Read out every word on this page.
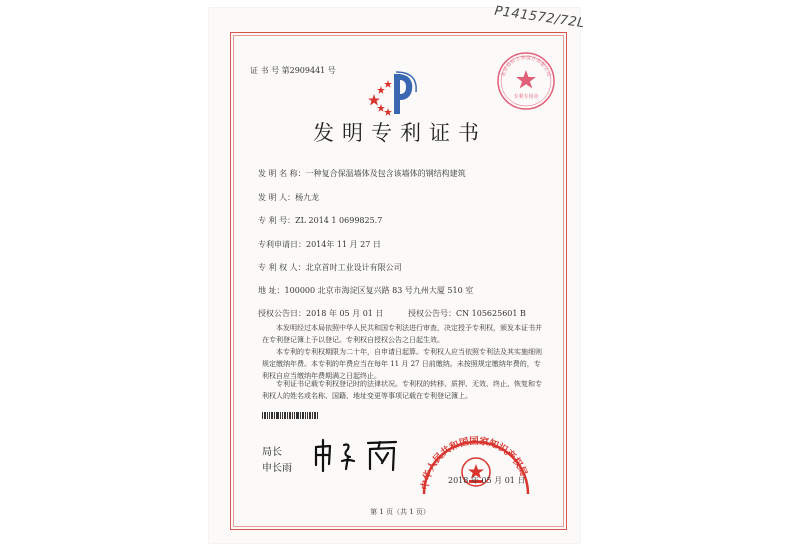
P141572/72L
证 书 号 第2909441 号
专利专用章
北京首时工业设计有限公司
发明专利证书
发 明 名 称：一种复合保温墙体及包含该墙体的钢结构建筑
发 明 人：杨九龙
专 利 号：ZL 2014 1 0699825.7
专利申请日：2014年 11 月 27 日
专 利 权 人：北京首时工业设计有限公司
地 址：100000 北京市海淀区复兴路 83 号九州大厦 510 室
授权公告日：2018 年 05 月 01 日	授权公告号：CN 105625601 B
本发明经过本局依照中华人民共和国专利法进行审查，决定授予专利权，颁发本证书并在专利登记簿上予以登记。专利权自授权公告之日起生效。
本专利的专利权期限为二十年，自申请日起算。专利权人应当依照专利法及其实施细则规定缴纳年费。本专利的年费应当在每年 11 月 27 日前缴纳。未按照规定缴纳年费的，专利权自应当缴纳年费期满之日起终止。
专利证书记载专利权登记时的法律状况。专利权的转移、质押、无效、终止、恢复和专利权人的姓名或名称、国籍、地址变更等事项记载在专利登记簿上。
局长
申长雨
中华人民共和国国家知识产权局
2018 年 05 月 01 日
第 1 页（共 1 页）
